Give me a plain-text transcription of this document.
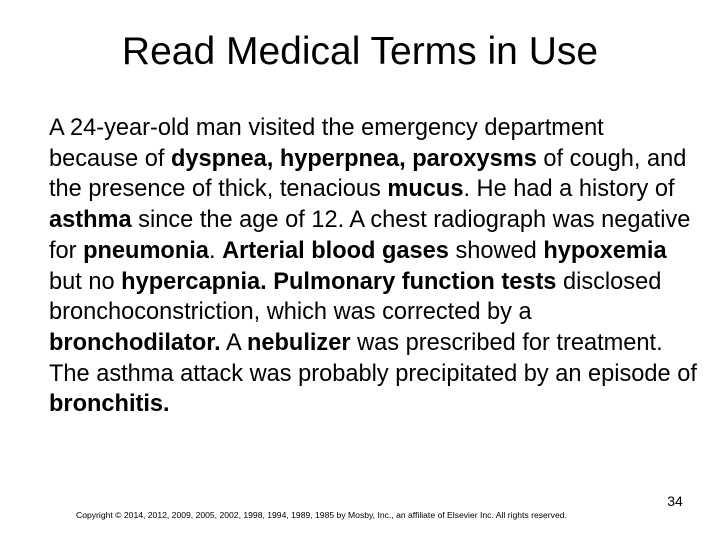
Read Medical Terms in Use

A 24-year-old man visited the emergency department because of dyspnea, hyperpnea, paroxysms of cough, and the presence of thick, tenacious mucus. He had a history of asthma since the age of 12. A chest radiograph was negative for pneumonia. Arterial blood gases showed hypoxemia but no hypercapnia. Pulmonary function tests disclosed bronchoconstriction, which was corrected by a bronchodilator. A nebulizer was prescribed for treatment. The asthma attack was probably precipitated by an episode of bronchitis.

Copyright © 2014, 2012, 2009, 2005, 2002, 1998, 1994, 1989, 1985 by Mosby, Inc., an affiliate of Elsevier Inc. All rights reserved.
34
